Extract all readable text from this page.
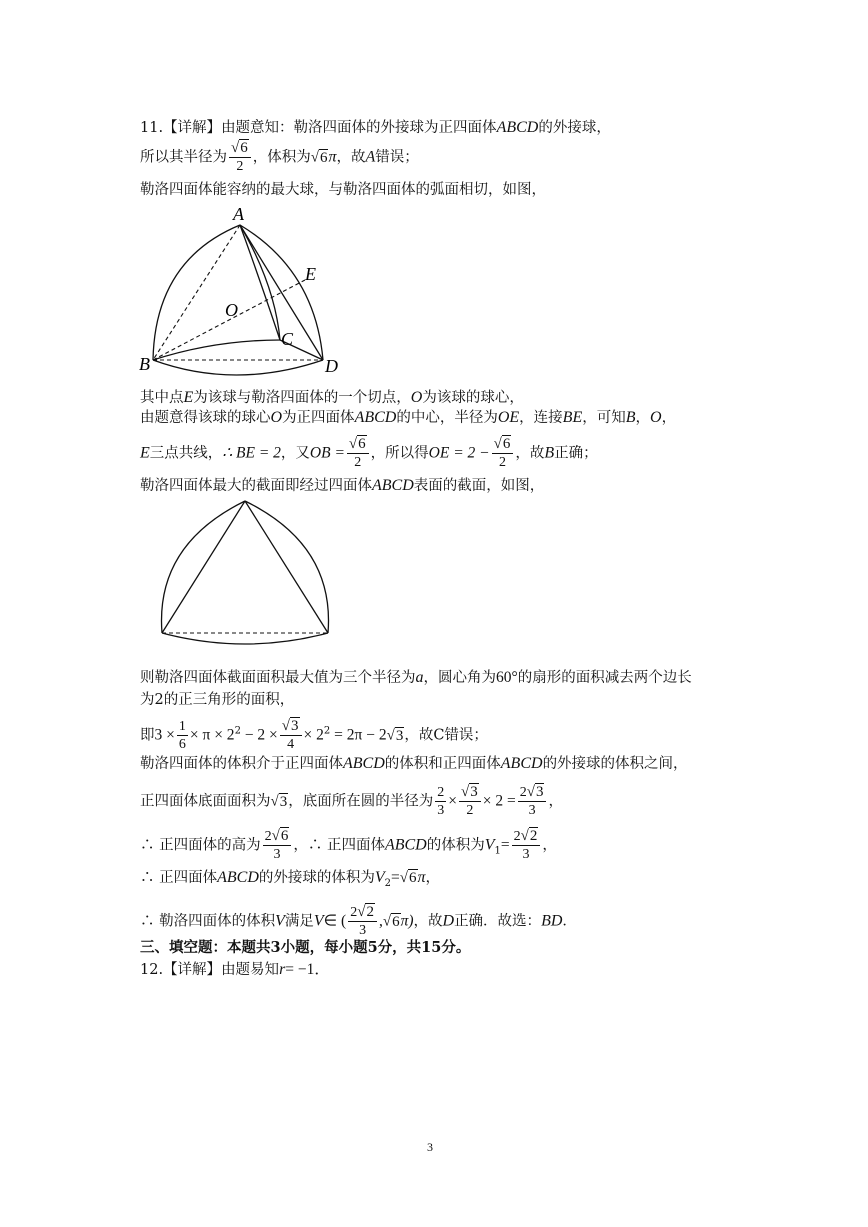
11.【详解】由题意知：勒洛四面体的外接球为正四面体ABCD的外接球，
所以其半径为 $\frac{√6}{2}$ ，体积为√6π，故A错误；
勒洛四面体能容纳的最大球，与勒洛四面体的弧面相切，如图，
A
B
C
D
E
O
其中点E为该球与勒洛四面体的一个切点，O为该球的球心，
由题意得该球的球心O为正四面体ABCD的中心，半径为OE，连接BE，可知B，O，
E三点共线，∴ BE = 2，又OB = $\frac{√6}{2}$ ，所以得OE = $2 - \frac{√6}{2}$ ，故B正确；
勒洛四面体最大的截面即经过四面体ABCD表面的截面，如图，
则勒洛四面体截面面积最大值为三个半径为a，圆心角为60°的扇形的面积减去两个边长
为2的正三角形的面积，
即$3 \times \frac{1}{6} \times \pi \times 2^2 - 2 \times \frac{√3}{4} \times 2^2 = 2\pi - 2√3$，故C错误；
勒洛四面体的体积介于正四面体ABCD的体积和正四面体ABCD的外接球的体积之间，
正四面体底面面积为√3，底面所在圆的半径为 $\frac{2}{3} \times \frac{√3}{2} \times 2 = \frac{2√3}{3}$ ，
∴ 正四面体的高为 $\frac{2√6}{3}$ ，∴ 正四面体ABCD的体积为$V_1= \frac{2√2}{3}$ ，
∴ 正四面体ABCD的外接球的体积为$V_2=√6\pi$，
∴ 勒洛四面体的体积V满足V∈ ( $\frac{2√2}{3} ,√6\pi$)，故D正确．故选：BD．
三、填空题：本题共3小题，每小题5分，共15分。
12.【详解】由题易知r= −1．
3
